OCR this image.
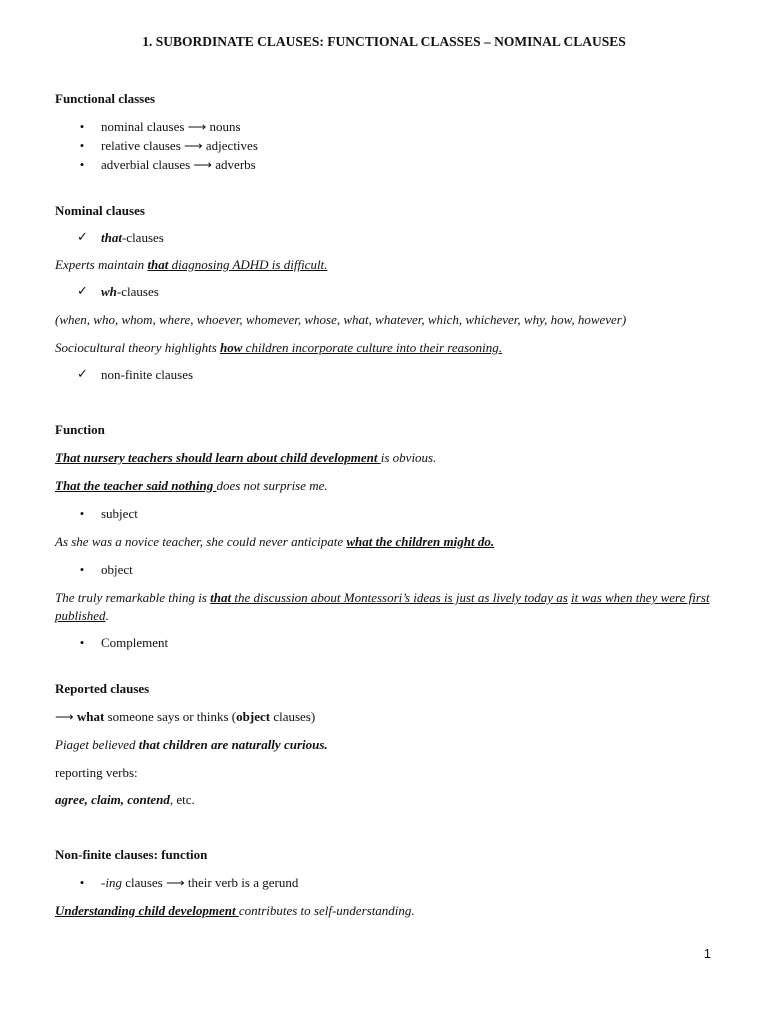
1. SUBORDINATE CLAUSES: FUNCTIONAL CLASSES – NOMINAL CLAUSES
Functional classes
• nominal clauses ⟶ nouns
• relative clauses ⟶ adjectives
• adverbial clauses ⟶ adverbs
Nominal clauses
✓ that-clauses
Experts maintain that diagnosing ADHD is difficult.
✓ wh-clauses
(when, who, whom, where, whoever, whomever, whose, what, whatever, which, whichever, why, how, however)
Sociocultural theory highlights how children incorporate culture into their reasoning.
✓ non-finite clauses
Function
That nursery teachers should learn about child development is obvious.
That the teacher said nothing does not surprise me.
• subject
As she was a novice teacher, she could never anticipate what the children might do.
• object
The truly remarkable thing is that the discussion about Montessori’s ideas is just as lively today as it was when they were first published.
• Complement
Reported clauses
⟶ what someone says or thinks (object clauses)
Piaget believed that children are naturally curious.
reporting verbs:
agree, claim, contend, etc.
Non-finite clauses: function
• -ing clauses ⟶ their verb is a gerund
Understanding child development contributes to self-understanding.
1
